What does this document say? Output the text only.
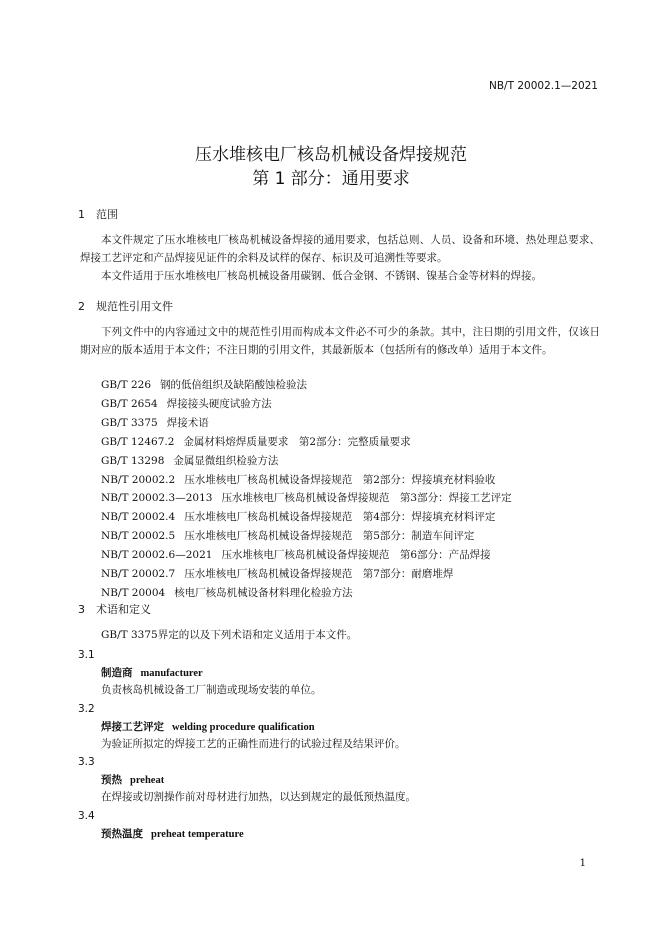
NB/T 20002.1—2021
压水堆核电厂核岛机械设备焊接规范
第 1 部分：通用要求
1 范围

本文件规定了压水堆核电厂核岛机械设备焊接的通用要求，包括总则、人员、设备和环境、热处理总要求、焊接工艺评定和产品焊接见证件的余料及试样的保存、标识及可追溯性等要求。

本文件适用于压水堆核电厂核岛机械设备用碳钢、低合金钢、不锈钢、镍基合金等材料的焊接。

2 规范性引用文件

下列文件中的内容通过文中的规范性引用而构成本文件必不可少的条款。其中，注日期的引用文件，仅该日期对应的版本适用于本文件；不注日期的引用文件，其最新版本（包括所有的修改单）适用于本文件。

GB/T 226 钢的低倍组织及缺陷酸蚀检验法
GB/T 2654 焊接接头硬度试验方法
GB/T 3375 焊接术语
GB/T 12467.2 金属材料熔焊质量要求　第2部分：完整质量要求
GB/T 13298 金属显微组织检验方法
NB/T 20002.2 压水堆核电厂核岛机械设备焊接规范　第2部分：焊接填充材料验收
NB/T 20002.3—2013 压水堆核电厂核岛机械设备焊接规范　第3部分：焊接工艺评定
NB/T 20002.4 压水堆核电厂核岛机械设备焊接规范　第4部分：焊接填充材料评定
NB/T 20002.5 压水堆核电厂核岛机械设备焊接规范　第5部分：制造车间评定
NB/T 20002.6—2021 压水堆核电厂核岛机械设备焊接规范　第6部分：产品焊接
NB/T 20002.7 压水堆核电厂核岛机械设备焊接规范　第7部分：耐磨堆焊
NB/T 20004 核电厂核岛机械设备材料理化检验方法
3 术语和定义
GB/T 3375界定的以及下列术语和定义适用于本文件。
3.1
制造商 manufacturer
负责核岛机械设备工厂制造或现场安装的单位。
3.2
焊接工艺评定 welding procedure qualification
为验证所拟定的焊接工艺的正确性而进行的试验过程及结果评价。
3.3
预热 preheat
在焊接或切割操作前对母材进行加热，以达到规定的最低预热温度。
3.4
预热温度 preheat temperature
1
